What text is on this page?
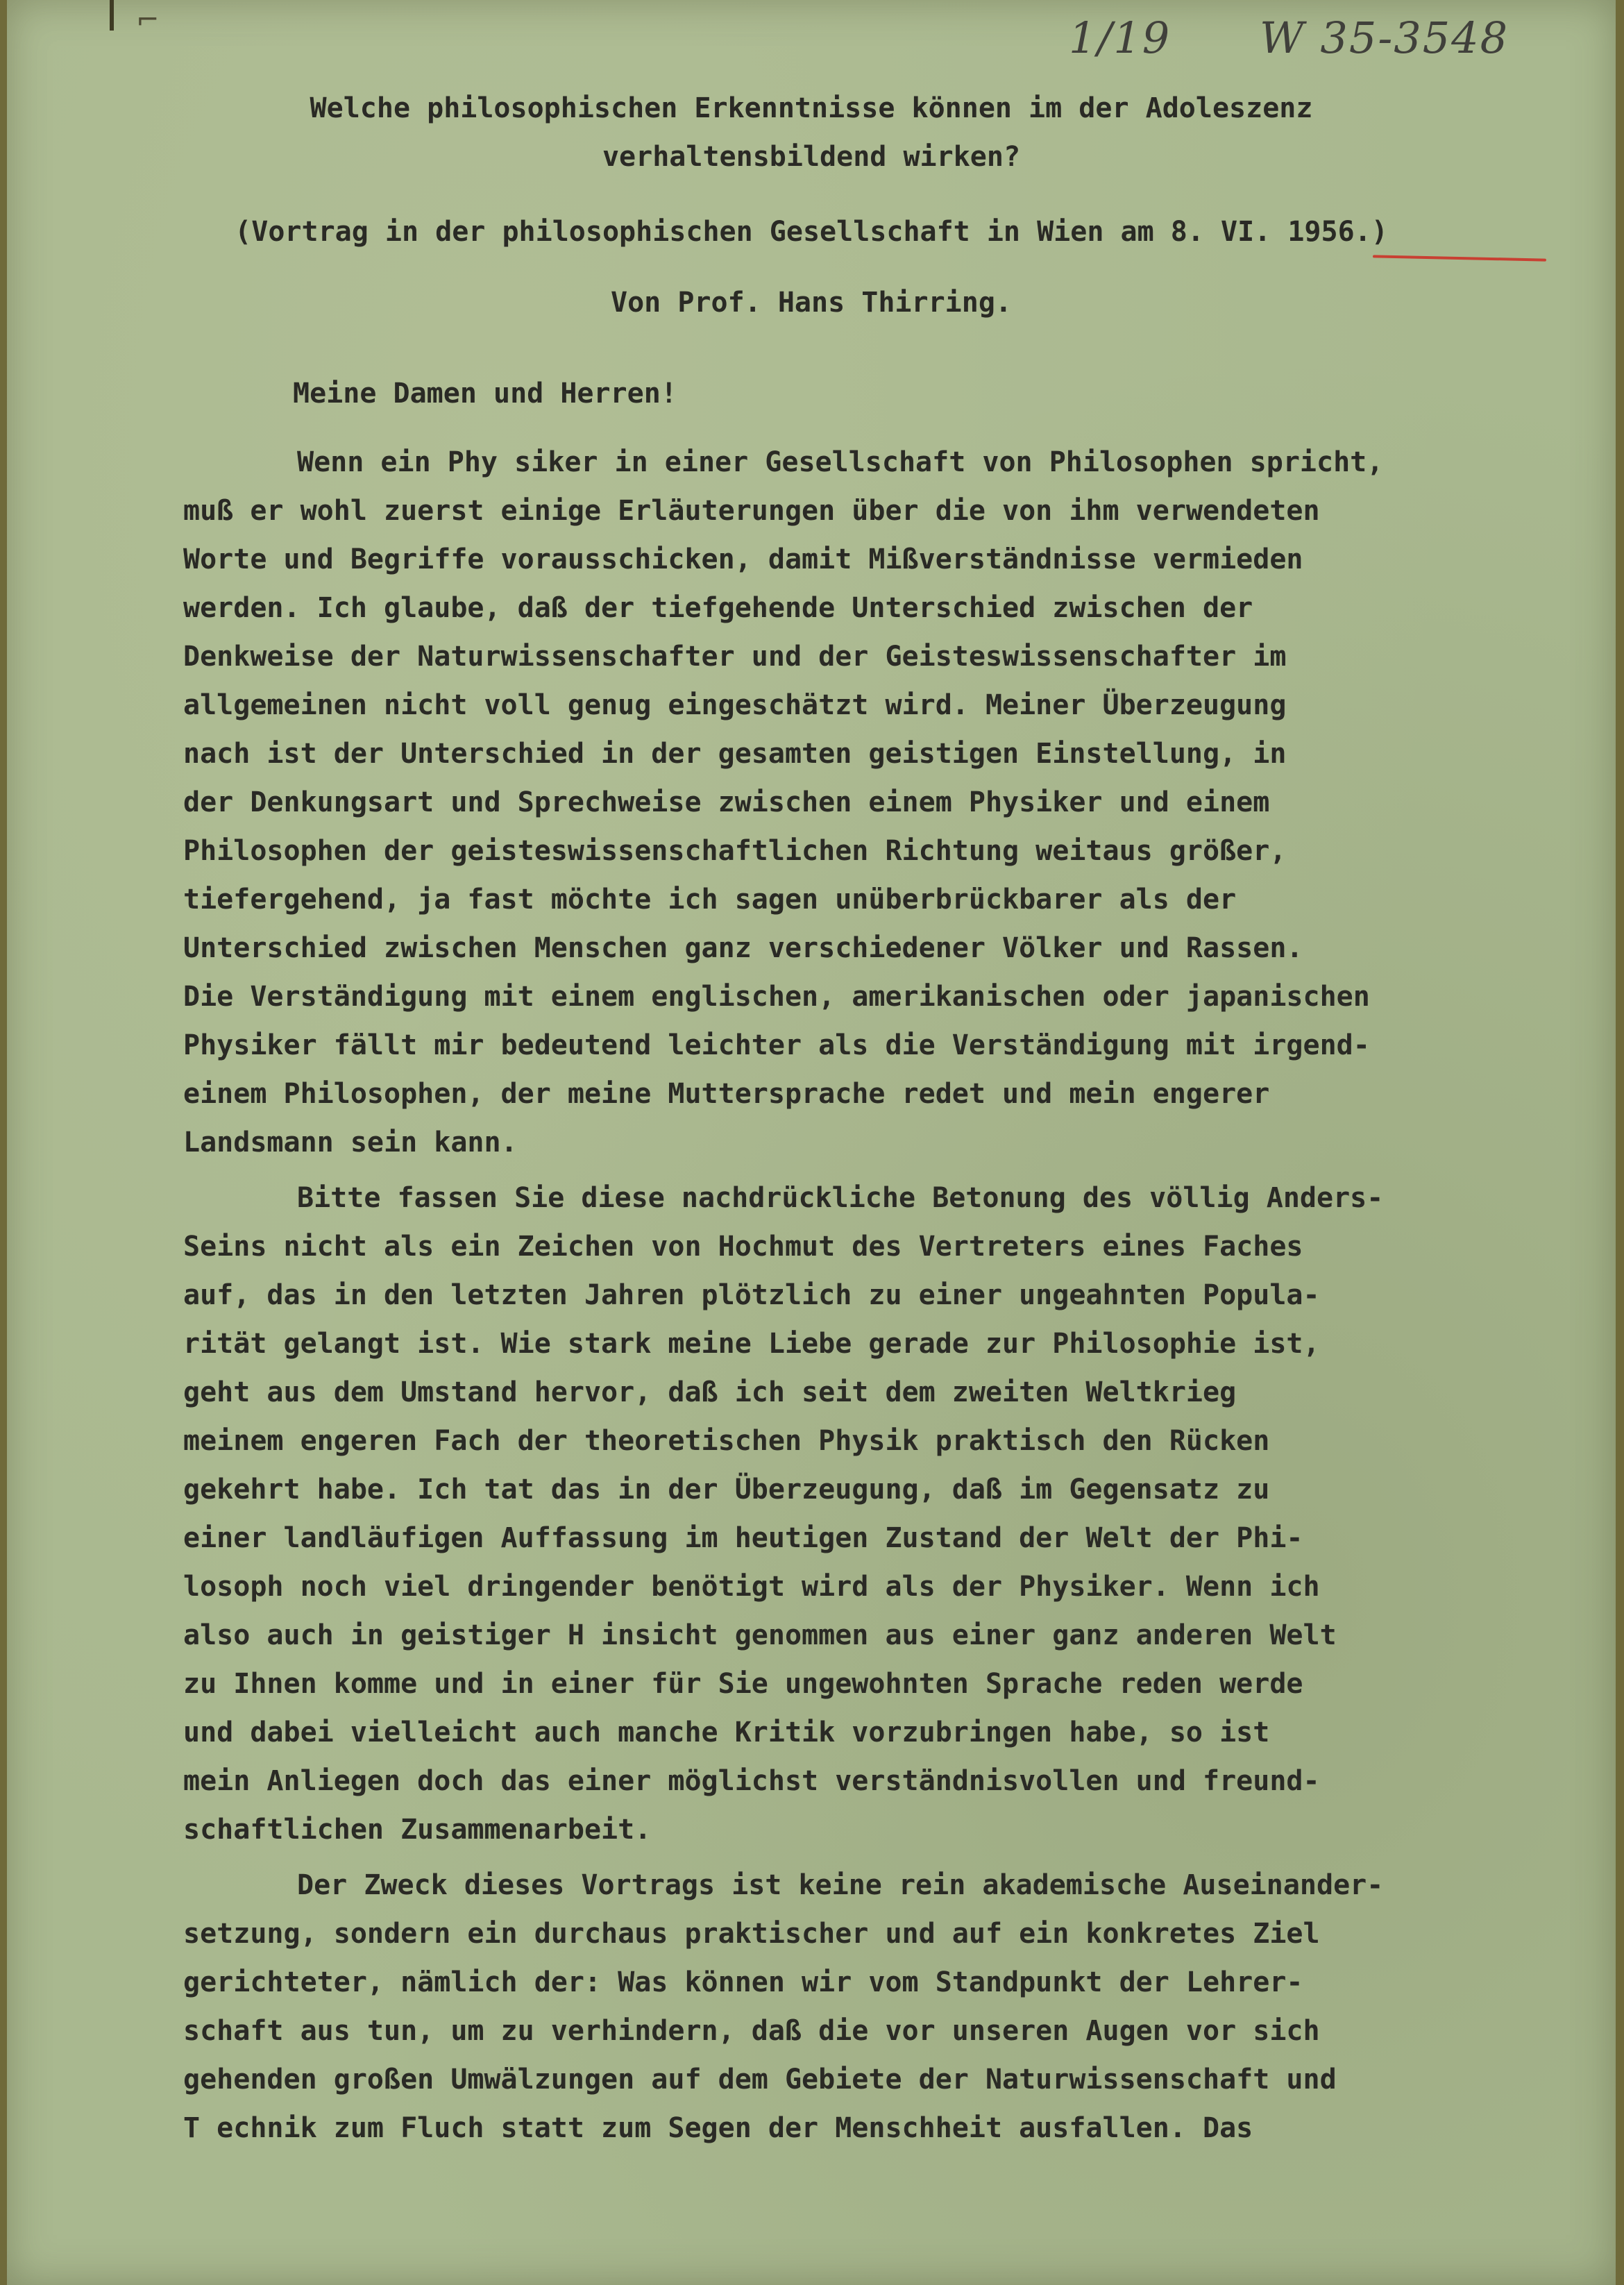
⌐	1/19 W 35-3548
Welche philosophischen Erkenntnisse können im der Adoleszenz
verhaltensbildend wirken?
(Vortrag in der philosophischen Gesellschaft in Wien am 8. VI. 1956.)
Von Prof. Hans Thirring.
Meine Damen und Herren!
Wenn ein Phy siker in einer Gesellschaft von Philosophen spricht,
muß er wohl zuerst einige Erläuterungen über die von ihm verwendeten
Worte und Begriffe vorausschicken, damit Mißverständnisse vermieden
werden. Ich glaube, daß der tiefgehende Unterschied zwischen der
Denkweise der Naturwissenschafter und der Geisteswissenschafter im
allgemeinen nicht voll genug eingeschätzt wird. Meiner Überzeugung
nach ist der Unterschied in der gesamten geistigen Einstellung, in
der Denkungsart und Sprechweise zwischen einem Physiker und einem
Philosophen der geisteswissenschaftlichen Richtung weitaus größer,
tiefergehend, ja fast möchte ich sagen unüberbrückbarer als der
Unterschied zwischen Menschen ganz verschiedener Völker und Rassen.
Die Verständigung mit einem englischen, amerikanischen oder japanischen
Physiker fällt mir bedeutend leichter als die Verständigung mit irgend-
einem Philosophen, der meine Muttersprache redet und mein engerer
Landsmann sein kann.
Bitte fassen Sie diese nachdrückliche Betonung des völlig Anders-
Seins nicht als ein Zeichen von Hochmut des Vertreters eines Faches
auf, das in den letzten Jahren plötzlich zu einer ungeahnten Popula-
rität gelangt ist. Wie stark meine Liebe gerade zur Philosophie ist,
geht aus dem Umstand hervor, daß ich seit dem zweiten Weltkrieg
meinem engeren Fach der theoretischen Physik praktisch den Rücken
gekehrt habe. Ich tat das in der Überzeugung, daß im Gegensatz zu
einer landläufigen Auffassung im heutigen Zustand der Welt der Phi-
losoph noch viel dringender benötigt wird als der Physiker. Wenn ich
also auch in geistiger H insicht genommen aus einer ganz anderen Welt
zu Ihnen komme und in einer für Sie ungewohnten Sprache reden werde
und dabei vielleicht auch manche Kritik vorzubringen habe, so ist
mein Anliegen doch das einer möglichst verständnisvollen und freund-
schaftlichen Zusammenarbeit.
Der Zweck dieses Vortrags ist keine rein akademische Auseinander-
setzung, sondern ein durchaus praktischer und auf ein konkretes Ziel
gerichteter, nämlich der: Was können wir vom Standpunkt der Lehrer-
schaft aus tun, um zu verhindern, daß die vor unseren Augen vor sich
gehenden großen Umwälzungen auf dem Gebiete der Naturwissenschaft und
T echnik zum Fluch statt zum Segen der Menschheit ausfallen. Das
